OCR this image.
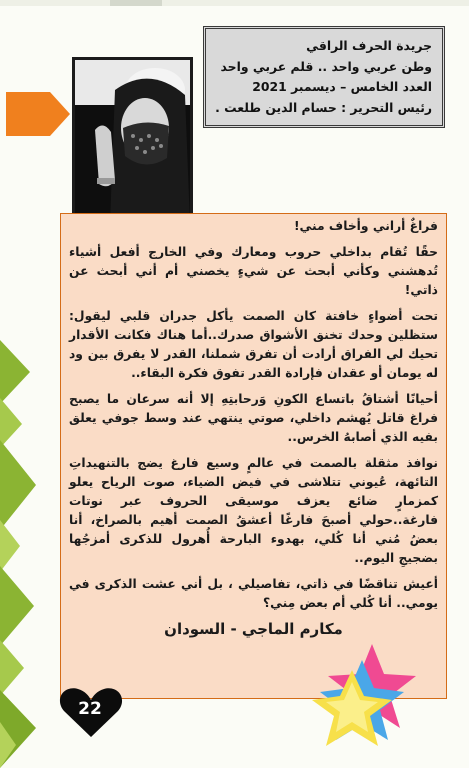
جريدة الحرف الراقي
وطن عربي واحد .. قلم عربي واحد
العدد الخامس – ديسمبر 2021
رئيس التحرير : حسام الدين طلعت .

فراغٌ أراني وأخاف مني!

حقًا تُقام بداخلي حروب ومعارك وفي الخارج أفعل أشياء تُدهشني وكأني أبحث عن شيءٍ يخصني أم أني أبحث عن ذاتي!

تحت أضواءٍ خافتة كان الصمت يأكل جدران قلبي ليقول: ستظلين وحدك تخنق الأشواق صدرك..أما هناك فكانت الأقدار تحيك لي الفراق أرادت أن تفرق شملنا، القدر لا يفرق بين ود له يومان أو عقدان فإرادة القدر تفوق فكرة البقاء..

أحيانًا أشتاقُ باتساع الكونِ وَرحابتِهِ إلا أنه سرعان ما يصبح فراغ قاتل يُهشم داخلي، صوتي ينتهي عند وسط جوفي يعلق بفيه الذي أصابهُ الخرس..

نوافذ مثقلة بالصمت في عالمٍ وسيع فارغ يضج بالتنهيداتِ التائهة، عُيوني تتلاشى في فيض الضياء، صوت الرياح يعلو كمزمارٍ ضائع يعزف موسيقى الحروف عبر نوتات فارغة..حولي أصبحَ فارغًا أعشقُ الصمت أهيم بالصراخ، أنا بعضُ مُني أنا كُلي، بهدوء البارحة أُهرول للذكرى أمزجُها بضجيجِ اليوم..

أعيش تناقضًا في ذاتي، تفاصيلي ، بل أني عشت الذكرى في يومي.. أنا كُلي أم بعض مِني؟

مكارم الماجي - السودان

22
